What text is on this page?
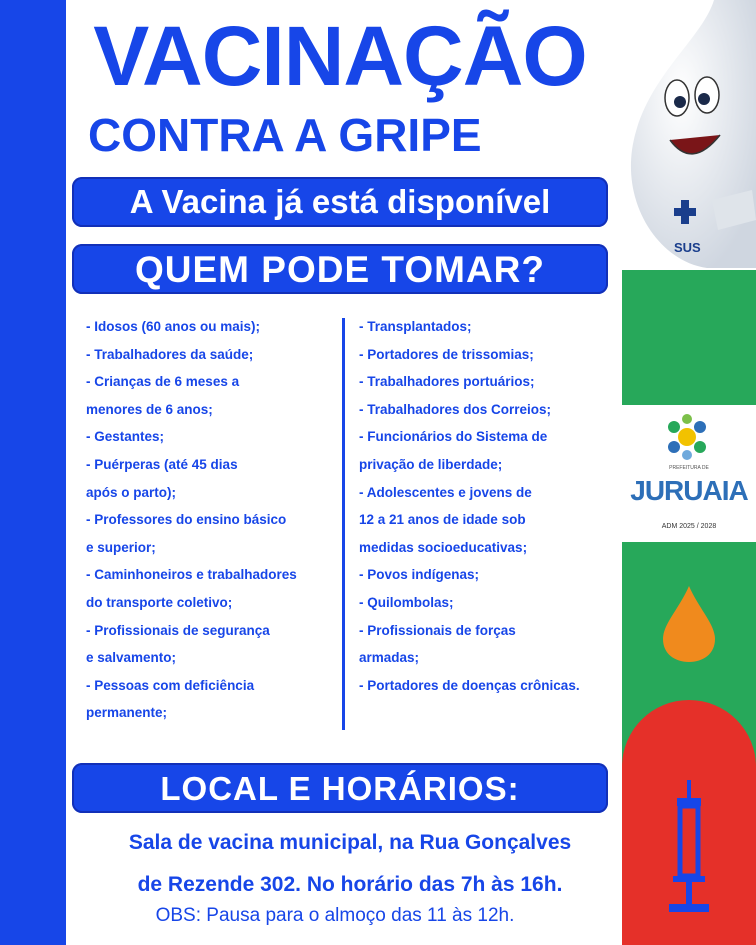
VACINAÇÃO
CONTRA A GRIPE
A Vacina já está disponível
QUEM PODE TOMAR?
- Idosos (60 anos ou mais);
- Trabalhadores da saúde;
- Crianças de 6 meses a
menores de 6 anos;
- Gestantes;
- Puérperas (até 45 dias
após o parto);
- Professores do ensino básico
e superior;
- Caminhoneiros e trabalhadores
do transporte coletivo;
- Profissionais de segurança
e salvamento;
- Pessoas com deficiência
permanente;
- Transplantados;
- Portadores de trissomias;
- Trabalhadores portuários;
- Trabalhadores dos Correios;
- Funcionários do Sistema de
privação de liberdade;
- Adolescentes e jovens de
12 a 21 anos de idade sob
medidas socioeducativas;
- Povos indígenas;
- Quilombolas;
- Profissionais de forças
armadas;
- Portadores de doenças crônicas.
LOCAL E HORÁRIOS:
Sala de vacina municipal, na Rua Gonçalves
de Rezende 302. No horário das 7h às 16h.
OBS: Pausa para o almoço das 11 às 12h.
SUS
PREFEITURA DE
JURUAIA
ADM 2025 / 2028
